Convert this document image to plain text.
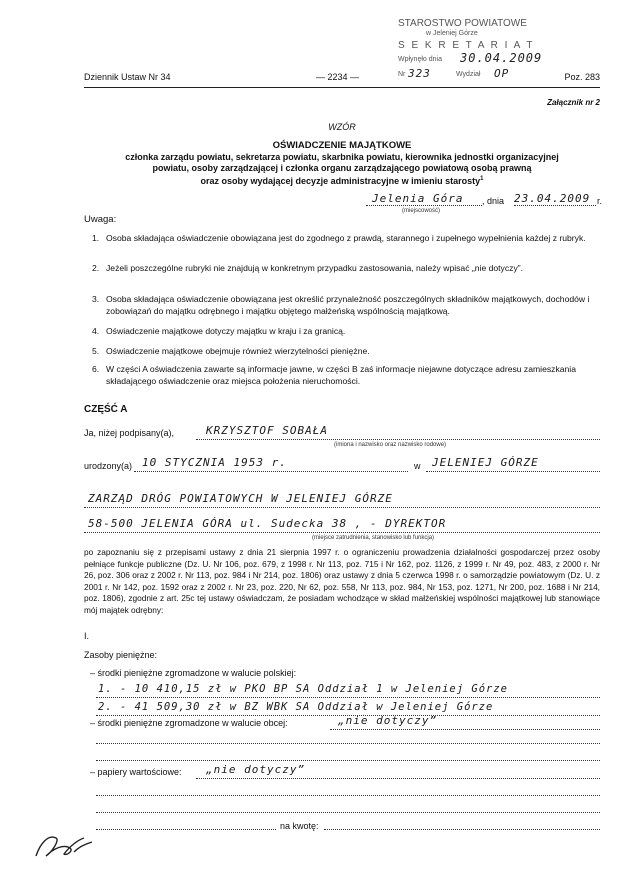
STAROSTWO POWIATOWE
w Jeleniej Górze
S E K R E T A R I A T
Wpłynęło dnia 30.04.2009
Nr 323	Wydział OP
Dziennik Ustaw Nr 34	— 2234 —	Poz. 283
Załącznik nr 2
WZÓR
OŚWIADCZENIE MAJĄTKOWE
członka zarządu powiatu, sekretarza powiatu, skarbnika powiatu, kierownika jednostki organizacyjnej
powiatu, osoby zarządzającej i członka organu zarządzającego powiatową osobą prawną
oraz osoby wydającej decyzje administracyjne w imieniu starosty$^1$
Jelenia Góra
(miejscowość)
, dnia 23.04.2009 r.
Uwaga:
1. Osoba składająca oświadczenie obowiązana jest do zgodnego z prawdą, starannego i zupełnego wypełnienia każdej z rubryk.
2. Jeżeli poszczególne rubryki nie znajdują w konkretnym przypadku zastosowania, należy wpisać „nie dotyczy”.
3. Osoba składająca oświadczenie obowiązana jest określić przynależność poszczególnych składników majątkowych, dochodów i zobowiązań do majątku odrębnego i majątku objętego małżeńską wspólnością majątkową.
4. Oświadczenie majątkowe dotyczy majątku w kraju i za granicą.
5. Oświadczenie majątkowe obejmuje również wierzytelności pieniężne.
6. W części A oświadczenia zawarte są informacje jawne, w części B zaś informacje niejawne dotyczące adresu zamieszkania składającego oświadczenie oraz miejsca położenia nieruchomości.
CZĘŚĆ A
Ja, niżej podpisany(a),	KRZYSZTOF SOBAŁA
(imiona i nazwisko oraz nazwisko rodowe)
urodzony(a) 10 STYCZNIA 1953 r.	w JELENIEJ GÓRZE
ZARZĄD DRÓG POWIATOWYCH W JELENIEJ GÓRZE
58-500 JELENIA GÓRA ul. Sudecka 38 , - DYREKTOR
(miejsce zatrudnienia, stanowisko lub funkcja)
po zapoznaniu się z przepisami ustawy z dnia 21 sierpnia 1997 r. o ograniczeniu prowadzenia działalności gospodarczej przez osoby pełniące funkcje publiczne (Dz. U. Nr 106, poz. 679, z 1998 r. Nr 113, poz. 715 i Nr 162, poz. 1126, z 1999 r. Nr 49, poz. 483, z 2000 r. Nr 26, poz. 306 oraz z 2002 r. Nr 113, poz. 984 i Nr 214, poz. 1806) oraz ustawy z dnia 5 czerwca 1998 r. o samorządzie powiatowym (Dz. U. z 2001 r. Nr 142, poz. 1592 oraz z 2002 r. Nr 23, poz. 220, Nr 62, poz. 558, Nr 113, poz. 984, Nr 153, poz. 1271, Nr 200, poz. 1688 i Nr 214, poz. 1806), zgodnie z art. 25c tej ustawy oświadczam, że posiadam wchodzące w skład małżeńskiej wspólności majątkowej lub stanowiące mój majątek odrębny:
I.
Zasoby pieniężne:
– środki pieniężne zgromadzone w walucie polskiej:
1. - 10 410,15 zł w PKO BP SA Oddział 1 w Jeleniej Górze
2. - 41 509,30 zł w BZ WBK SA Oddział w Jeleniej Górze
– środki pieniężne zgromadzone w walucie obcej:	„nie dotyczy”
– papiery wartościowe: „nie dotyczy”
na kwotę:
